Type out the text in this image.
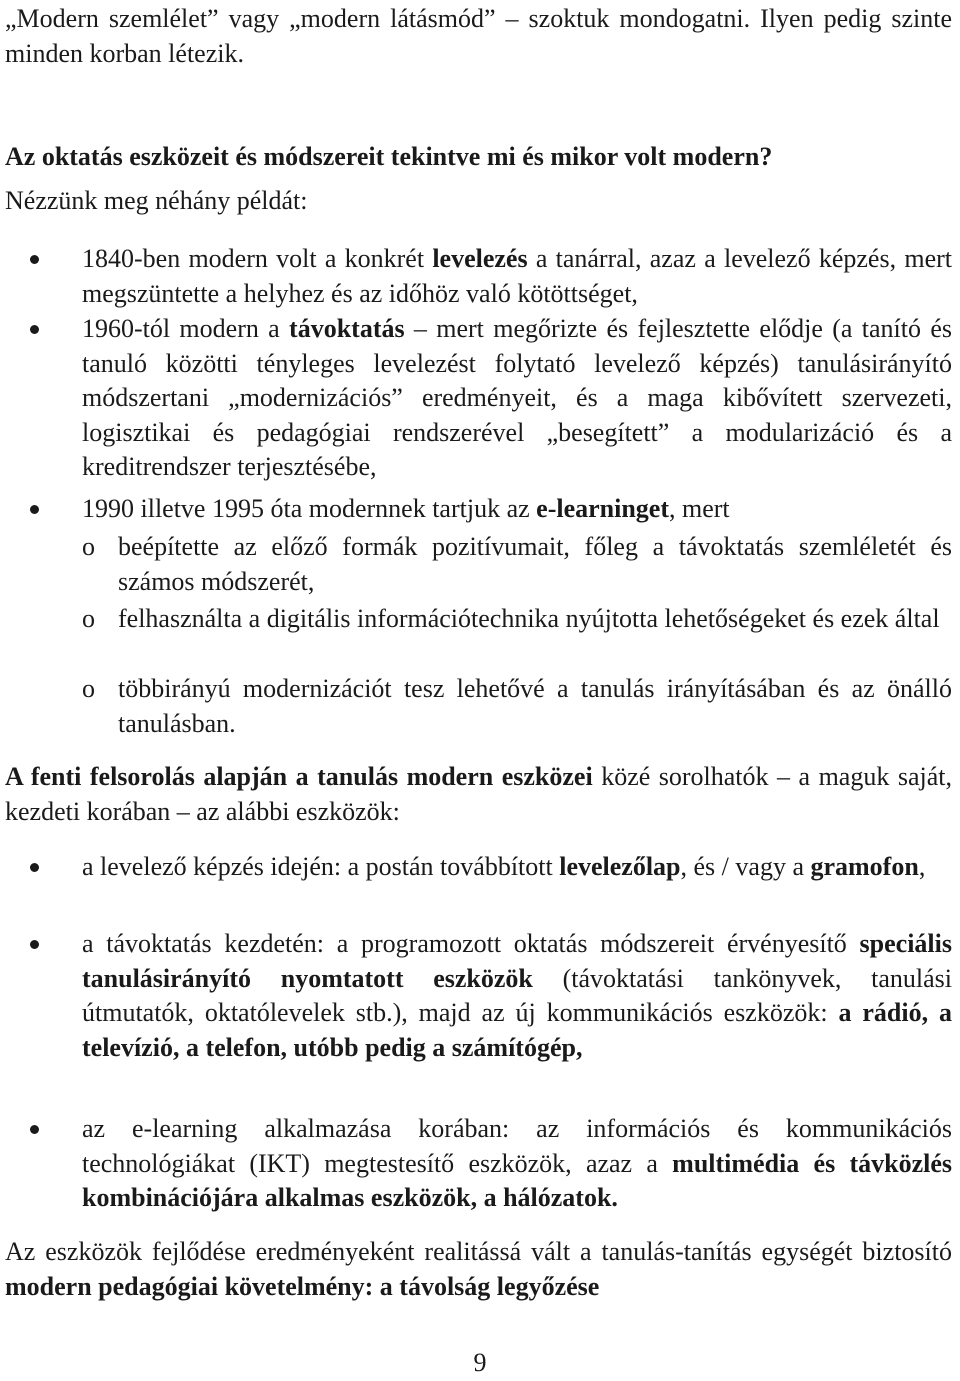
„Modern szemlélet” vagy „modern látásmód” – szoktuk mondogatni. Ilyen pedig szinte minden korban létezik.

Az oktatás eszközeit és módszereit tekintve mi és mikor volt modern?

Nézzünk meg néhány példát:

1840-ben modern volt a konkrét levelezés a tanárral, azaz a levelező képzés, mert megszüntette a helyhez és az időhöz való kötöttséget,

1960-tól modern a távoktatás – mert megőrizte és fejlesztette elődje (a tanító és tanuló közötti tényleges levelezést folytató levelező képzés) tanulásirányító módszertani „modernizációs” eredményeit, és a maga kibővített szervezeti, logisztikai és pedagógiai rendszerével „besegített” a modularizáció és a kreditrendszer terjesztésébe,

1990 illetve 1995 óta modernnek tartjuk az e-learninget, mert

o beépítette az előző formák pozitívumait, főleg a távoktatás szemléletét és számos módszerét,

o felhasználta a digitális információtechnika nyújtotta lehetőségeket és ezek által

o többirányú modernizációt tesz lehetővé a tanulás irányításában és az önálló tanulásban.

A fenti felsorolás alapján a tanulás modern eszközei közé sorolhatók – a maguk saját, kezdeti korában – az alábbi eszközök:

a levelező képzés idején: a postán továbbított levelezőlap, és / vagy a gramofon,

a távoktatás kezdetén: a programozott oktatás módszereit érvényesítő speciális tanulásirányító nyomtatott eszközök (távoktatási tankönyvek, tanulási útmutatók, oktatólevelek stb.), majd az új kommunikációs eszközök: a rádió, a televízió, a telefon, utóbb pedig a számítógép,

az e-learning alkalmazása korában: az információs és kommunikációs technológiákat (IKT) megtestesítő eszközök, azaz a multimédia és távközlés kombinációjára alkalmas eszközök, a hálózatok.

Az eszközök fejlődése eredményeként realitássá vált a tanulás-tanítás egységét biztosító modern pedagógiai követelmény: a távolság legyőzése

9
